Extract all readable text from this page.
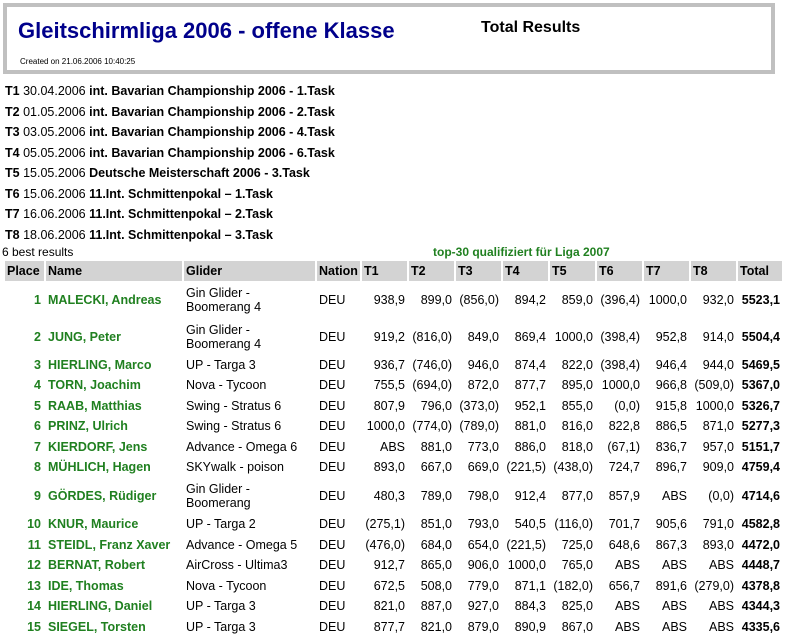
Gleitschirmliga 2006 - offene Klasse	Total Results
Created on 21.06.2006 10:40:25
T1 30.04.2006 int. Bavarian Championship 2006 - 1.Task
T2 01.05.2006 int. Bavarian Championship 2006 - 2.Task
T3 03.05.2006 int. Bavarian Championship 2006 - 4.Task
T4 05.05.2006 int. Bavarian Championship 2006 - 6.Task
T5 15.05.2006 Deutsche Meisterschaft 2006 - 3.Task
T6 15.06.2006 11.Int. Schmittenpokal – 1.Task
T7 16.06.2006 11.Int. Schmittenpokal – 2.Task
T8 18.06.2006 11.Int. Schmittenpokal – 3.Task
6 best results	top-30 qualifiziert für Liga 2007
Place	Name	Glider	Nation	T1	T2	T3	T4	T5	T6	T7	T8	Total
1	MALECKI, Andreas	Gin Glider - Boomerang 4	DEU	938,9	899,0	(856,0)	894,2	859,0	(396,4)	1000,0	932,0	5523,1
2	JUNG, Peter	Gin Glider - Boomerang 4	DEU	919,2	(816,0)	849,0	869,4	1000,0	(398,4)	952,8	914,0	5504,4
3	HIERLING, Marco	UP - Targa 3	DEU	936,7	(746,0)	946,0	874,4	822,0	(398,4)	946,4	944,0	5469,5
4	TORN, Joachim	Nova - Tycoon	DEU	755,5	(694,0)	872,0	877,7	895,0	1000,0	966,8	(509,0)	5367,0
5	RAAB, Matthias	Swing - Stratus 6	DEU	807,9	796,0	(373,0)	952,1	855,0	(0,0)	915,8	1000,0	5326,7
6	PRINZ, Ulrich	Swing - Stratus 6	DEU	1000,0	(774,0)	(789,0)	881,0	816,0	822,8	886,5	871,0	5277,3
7	KIERDORF, Jens	Advance - Omega 6	DEU	ABS	881,0	773,0	886,0	818,0	(67,1)	836,7	957,0	5151,7
8	MÜHLICH, Hagen	SKYwalk - poison	DEU	893,0	667,0	669,0	(221,5)	(438,0)	724,7	896,7	909,0	4759,4
9	GÖRDES, Rüdiger	Gin Glider - Boomerang	DEU	480,3	789,0	798,0	912,4	877,0	857,9	ABS	(0,0)	4714,6
10	KNUR, Maurice	UP - Targa 2	DEU	(275,1)	851,0	793,0	540,5	(116,0)	701,7	905,6	791,0	4582,8
11	STEIDL, Franz Xaver	Advance - Omega 5	DEU	(476,0)	684,0	654,0	(221,5)	725,0	648,6	867,3	893,0	4472,0
12	BERNAT, Robert	AirCross - Ultima3	DEU	912,7	865,0	906,0	1000,0	765,0	ABS	ABS	ABS	4448,7
13	IDE, Thomas	Nova - Tycoon	DEU	672,5	508,0	779,0	871,1	(182,0)	656,7	891,6	(279,0)	4378,8
14	HIERLING, Daniel	UP - Targa 3	DEU	821,0	887,0	927,0	884,3	825,0	ABS	ABS	ABS	4344,3
15	SIEGEL, Torsten	UP - Targa 3	DEU	877,7	821,0	879,0	890,9	867,0	ABS	ABS	ABS	4335,6
